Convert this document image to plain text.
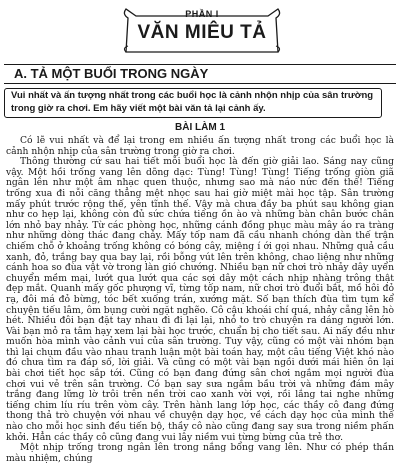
PHẦN I
VĂN MIÊU TẢ
A. TẢ MỘT BUỔI TRONG NGÀY
Vui nhất và ấn tượng nhất trong các buổi học là cảnh nhộn nhịp của sân trường trong giờ ra chơi. Em hãy viết một bài văn tả lại cảnh ấy.
BÀI LÀM 1

Có lẽ vui nhất và để lại trong em nhiều ấn tượng nhất trong các buổi học là cảnh nhộn nhịp của sân trường trong giờ ra chơi.

Thông thường cứ sau hai tiết mỗi buổi học là đến giờ giải lao. Sáng nay cũng vậy. Một hồi trống vang lên dõng dạc: Tùng! Tùng! Tùng! Tiếng trống giòn giã ngân lên như một âm nhạc quen thuộc, nhưng sao mà náo nức đến thế! Tiếng trống xua đi nỗi căng thẳng mệt nhọc sau hai giờ miệt mài học tập. Sân trường mấy phút trước rộng thế, yên tĩnh thế. Vậy mà chưa đầy ba phút sau không gian như co hẹp lại, không còn đủ sức chứa tiếng ồn ào và những bàn chân bước chân lớn nhỏ bay nhảy. Từ các phòng học, những cánh đồng phục màu mây áo ra tràng như những dòng thác đang chảy. Mấy tốp nam đã cầu nhanh chóng dàn thế trận chiếm chỗ ở khoảng trống không có bóng cây, miệng í ới gọi nhau. Những quả cầu xanh, đỏ, trắng bay qua bay lại, rồi bỗng vút lên trên không, chao liệng như những cánh hoa so đùa vật vờ trong làn gió chướng. Nhiều bạn nữ chơi trò nhảy dây uyển chuyển mềm mại, lướt qua lướt qua các sợi dây một cách nhịp nhàng trông thật đẹp mắt. Quanh mấy gốc phượng vĩ, từng tốp nam, nữ chơi trò đuổi bắt, mồ hôi đỏ rạ, đôi má đỏ bừng, tóc bết xuống trán, xướng mặt. Số bạn thích đùa tìm tụm kể chuyện tiếu lâm, ôm bụng cười ngặt nghẽo. Cô cậu khoái chí quá, nhảy cẫng lên hò hét. Nhiều đôi bạn đặt tay nhau đi đi lại lại, nhỏ to trò chuyện ra dáng người lớn. Vài bạn mỏ ra tâm hạy xem lại bài học trước, chuẩn bị cho tiết sau. Ai nấy đều như muốn hòa mình vào cảnh vui của sân trường. Tuy vậy, cũng có một vài nhóm bạn thì lại chụm đầu vào nhau tranh luận một bài toán hay, một câu tiếng Việt khó nào đó chưa tìm ra đáp số, lời giải. Và cũng có một vài bạn ngồi dưới mái hiên ôn lại bài chơi tiết học sắp tới. Cũng có bạn đang đứng sân chơi ngắm mọi người đùa chơi vui vẻ trên sân trường. Có bạn say sưa ngắm bầu trời và những đám mây trắng đang lững lờ trôi trên nền trời cao xanh vời vợi, rồi lắng tai nghe những tiếng chim líu ríu trên vòm cây. Trên hành lang lớp học, các thầy cô đang đứng thong thả trò chuyện với nhau về chuyện dạy học, về cách dạy học của mình thế nào cho mỗi học sinh đều tiến bộ, thầy cô nào cũng đang say sưa trong niềm phấn khởi. Hẳn các thầy cô cũng đang vui lây niềm vui từng bừng của trẻ thơ.

Một nhịp trống trong ngân lên trong nắng bổng vang lên. Như có phép thần màu nhiệm, chúng
